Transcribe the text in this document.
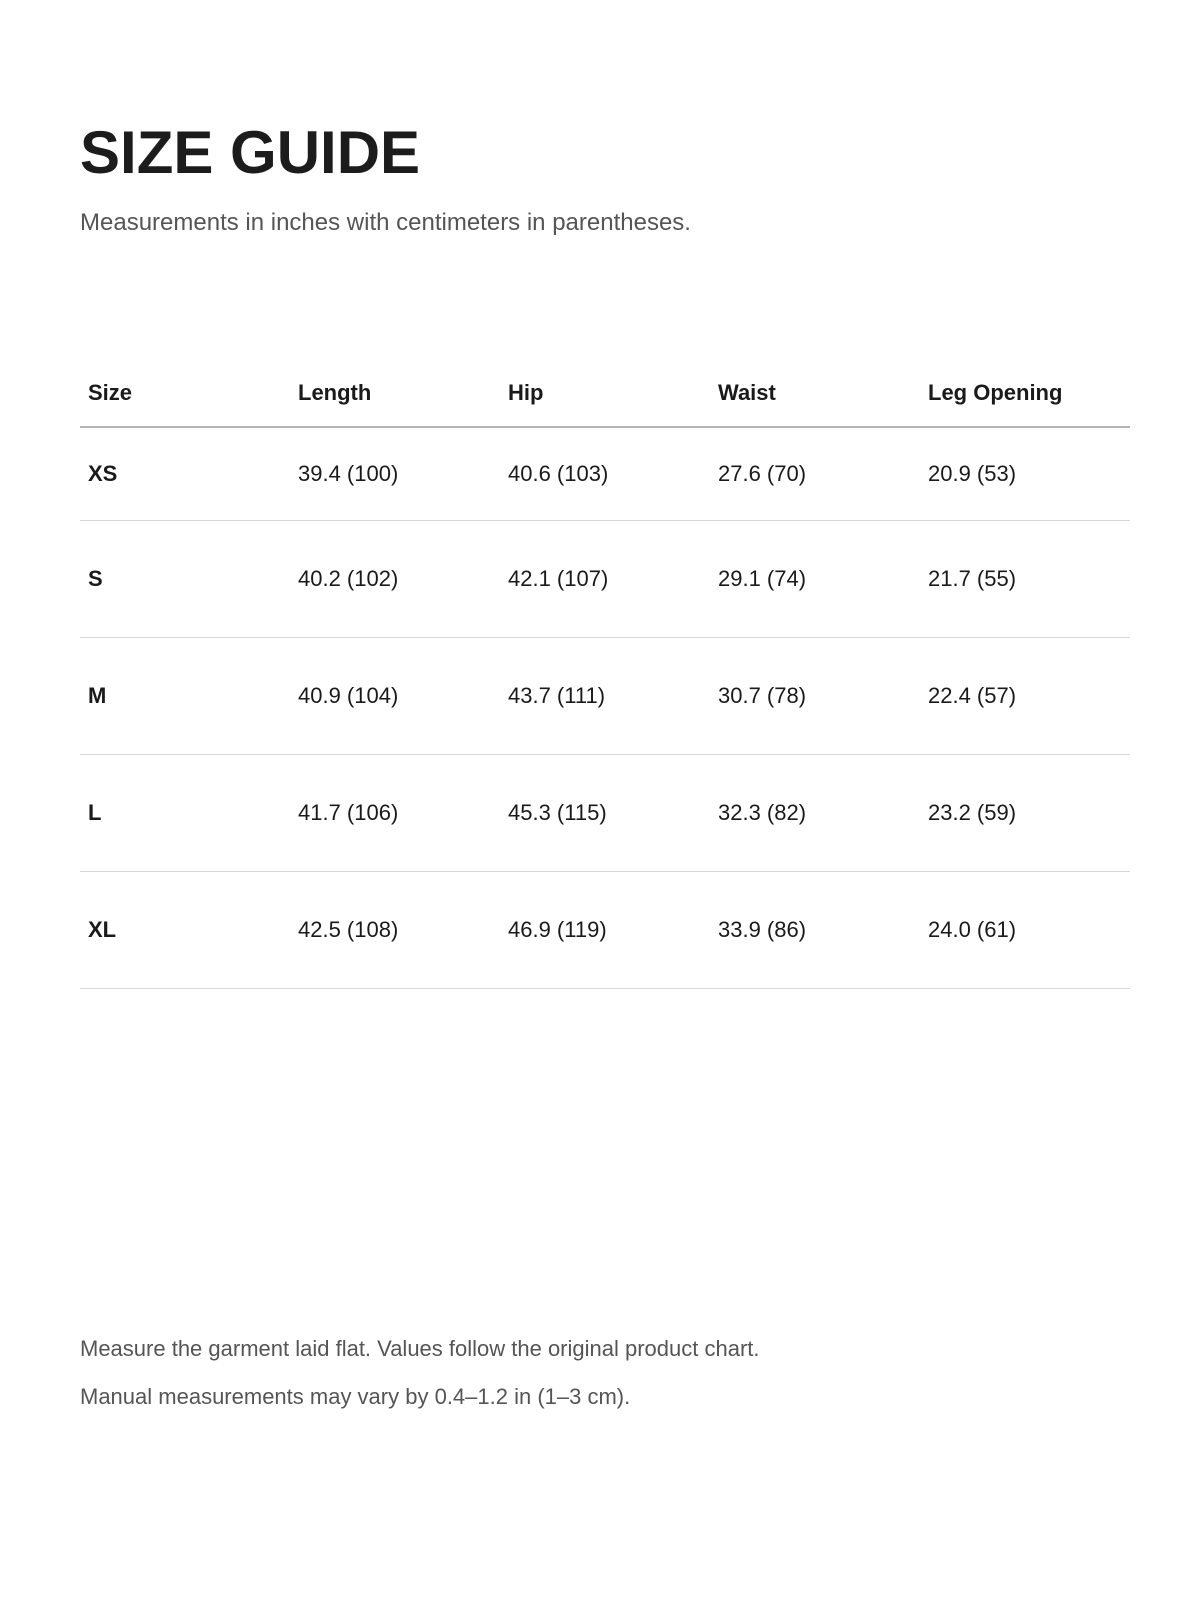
SIZE GUIDE

Measurements in inches with centimeters in parentheses.

Size	Length	Hip	Waist	Leg Opening
XS	39.4 (100)	40.6 (103)	27.6 (70)	20.9 (53)
S	40.2 (102)	42.1 (107)	29.1 (74)	21.7 (55)
M	40.9 (104)	43.7 (111)	30.7 (78)	22.4 (57)
L	41.7 (106)	45.3 (115)	32.3 (82)	23.2 (59)
XL	42.5 (108)	46.9 (119)	33.9 (86)	24.0 (61)

Measure the garment laid flat. Values follow the original product chart.

Manual measurements may vary by 0.4–1.2 in (1–3 cm).
